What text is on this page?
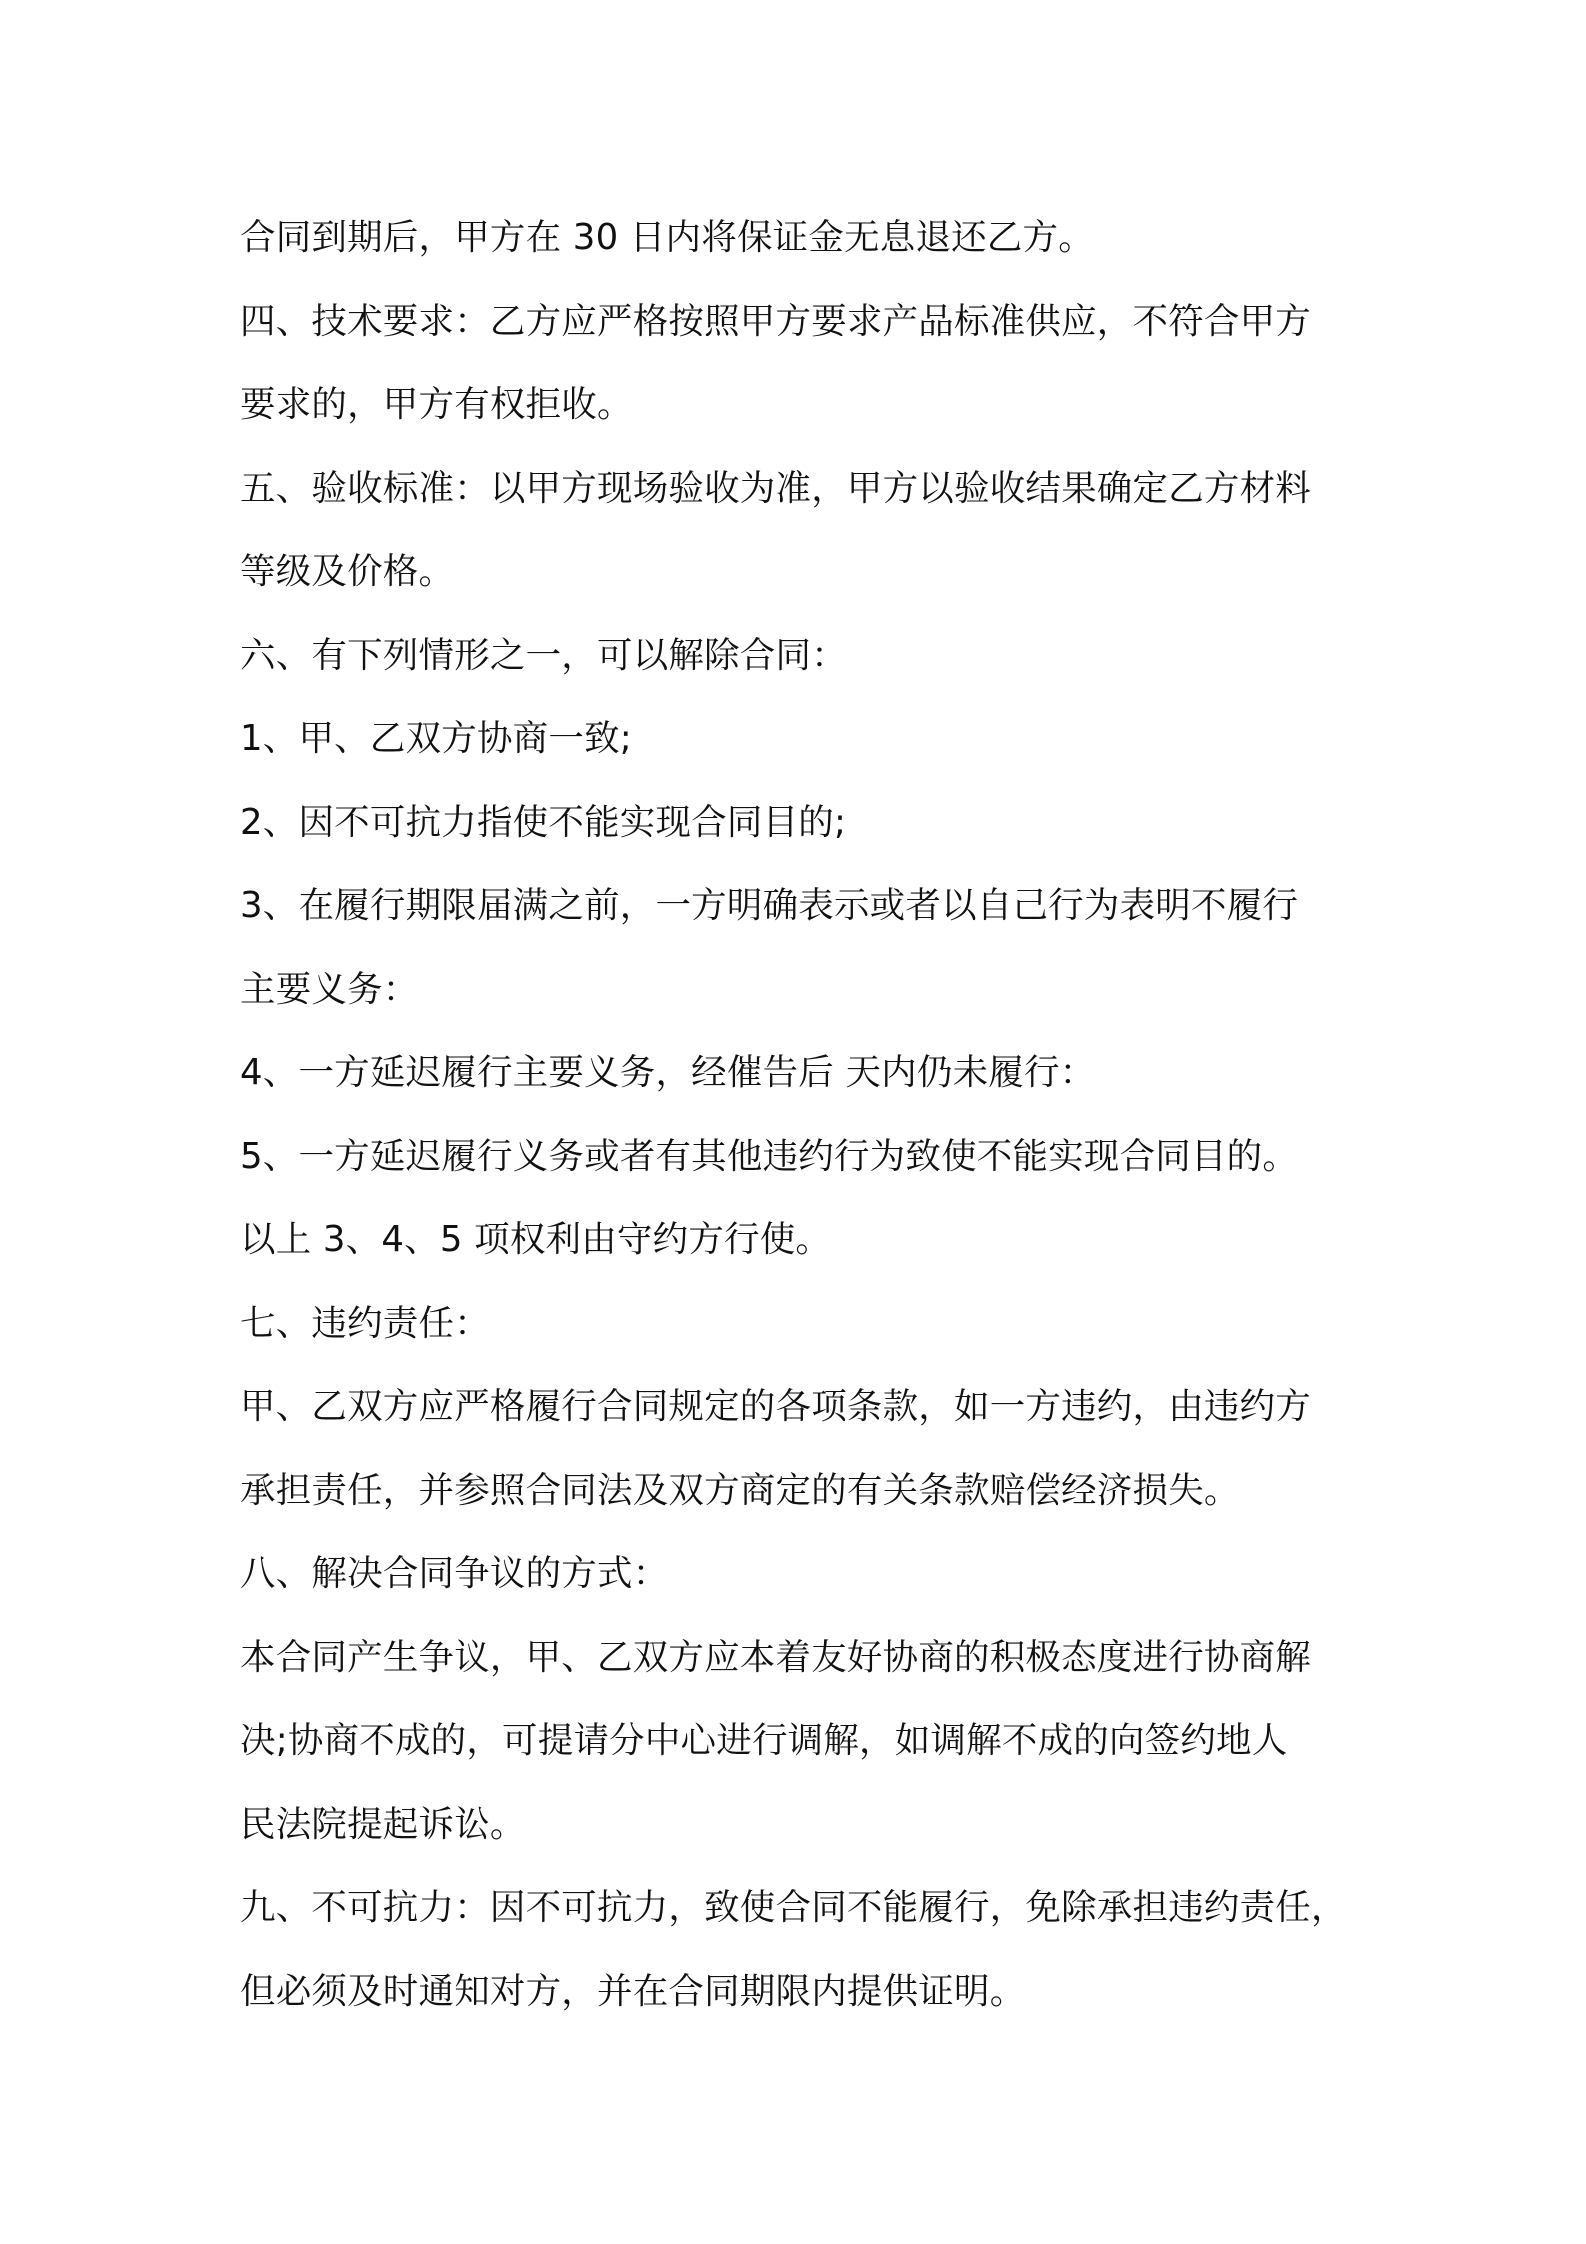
合同到期后，甲方在 30 日内将保证金无息退还乙方。
四、技术要求：乙方应严格按照甲方要求产品标准供应，不符合甲方
要求的，甲方有权拒收。
五、验收标准：以甲方现场验收为准，甲方以验收结果确定乙方材料
等级及价格。
六、有下列情形之一，可以解除合同：
1、甲、乙双方协商一致;
2、因不可抗力指使不能实现合同目的;
3、在履行期限届满之前，一方明确表示或者以自己行为表明不履行
主要义务：
4、一方延迟履行主要义务，经催告后 天内仍未履行：
5、一方延迟履行义务或者有其他违约行为致使不能实现合同目的。
以上 3、4、5 项权利由守约方行使。
七、违约责任：
甲、乙双方应严格履行合同规定的各项条款，如一方违约，由违约方
承担责任，并参照合同法及双方商定的有关条款赔偿经济损失。
八、解决合同争议的方式：
本合同产生争议，甲、乙双方应本着友好协商的积极态度进行协商解
决;协商不成的，可提请分中心进行调解，如调解不成的向签约地人
民法院提起诉讼。
九、不可抗力：因不可抗力，致使合同不能履行，免除承担违约责任，
但必须及时通知对方，并在合同期限内提供证明。
